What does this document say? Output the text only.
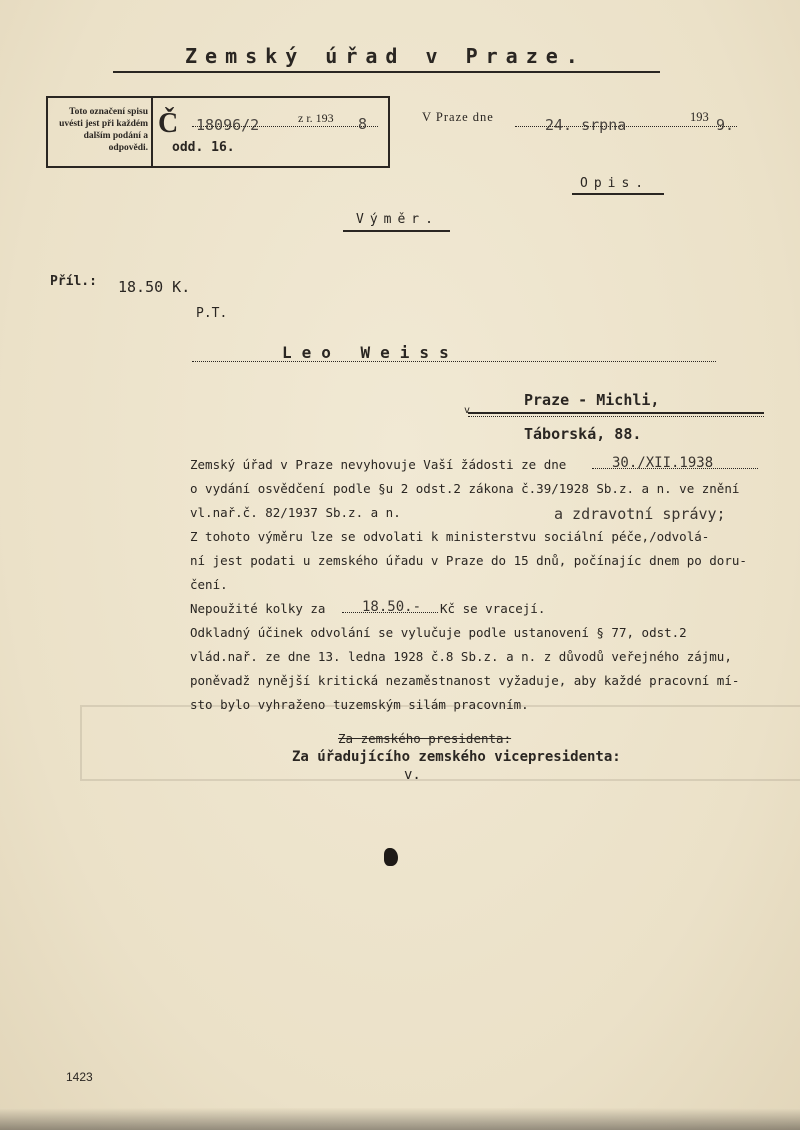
Zemský úřad v Praze.
Toto označení spisu uvésti jest při každém dalším podání a odpovědi.
Č 18096/2	z r. 193 8
odd. 16.
V Praze dne	24. srpna	193 9.
Opis.
Výměr.
Příl.: 18.50 K.
P.T.
Leo Weiss
v
Praze - Michli,
Táborská, 88.
Zemský úřad v Praze nevyhovuje Vaší žádosti ze dne	30./XII.1938
o vydání osvědčení podle §u 2 odst.2 zákona č.39/1928 Sb.z. a n. ve znění
vl.nař.č. 82/1937 Sb.z. a n.	a zdravotní správy;
Z tohoto výměru lze se odvolati k ministerstvu sociální péče,/odvolá-
ní jest podati u zemského úřadu v Praze do 15 dnů, počínajíc dnem po doru-
čení.
Nepoužité kolky za	18.50.- Kč se vracejí.
Odkladný účinek odvolání se vylučuje podle ustanovení § 77, odst.2
vlád.nař. ze dne 13. ledna 1928 č.8 Sb.z. a n. z důvodů veřejného zájmu,
poněvadž nynější kritická nezaměstnanost vyžaduje, aby každé pracovní mí-
sto bylo vyhraženo tuzemským silám pracovním.
Za zemského presidenta:
Za úřadujícího zemského vicepresidenta:
v.
1423
